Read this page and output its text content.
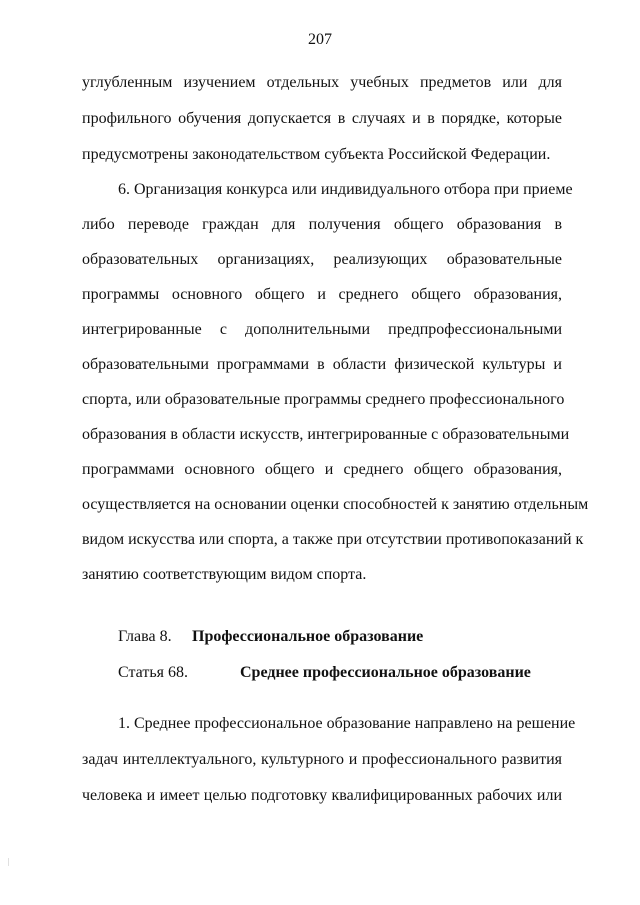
207
углубленным изучением отдельных учебных предметов или для
профильного обучения допускается в случаях и в порядке, которые
предусмотрены законодательством субъекта Российской Федерации.
6. Организация конкурса или индивидуального отбора при приеме
либо переводе граждан для получения общего образования в
образовательных организациях, реализующих образовательные
программы основного общего и среднего общего образования,
интегрированные с дополнительными предпрофессиональными
образовательными программами в области физической культуры и
спорта, или образовательные программы среднего профессионального
образования в области искусств, интегрированные с образовательными
программами основного общего и среднего общего образования,
осуществляется на основании оценки способностей к занятию отдельным
видом искусства или спорта, а также при отсутствии противопоказаний к
занятию соответствующим видом спорта.
Глава 8. Профессиональное образование
Статья 68.	Среднее профессиональное образование
1. Среднее профессиональное образование направлено на решение
задач интеллектуального, культурного и профессионального развития
человека и имеет целью подготовку квалифицированных рабочих или
